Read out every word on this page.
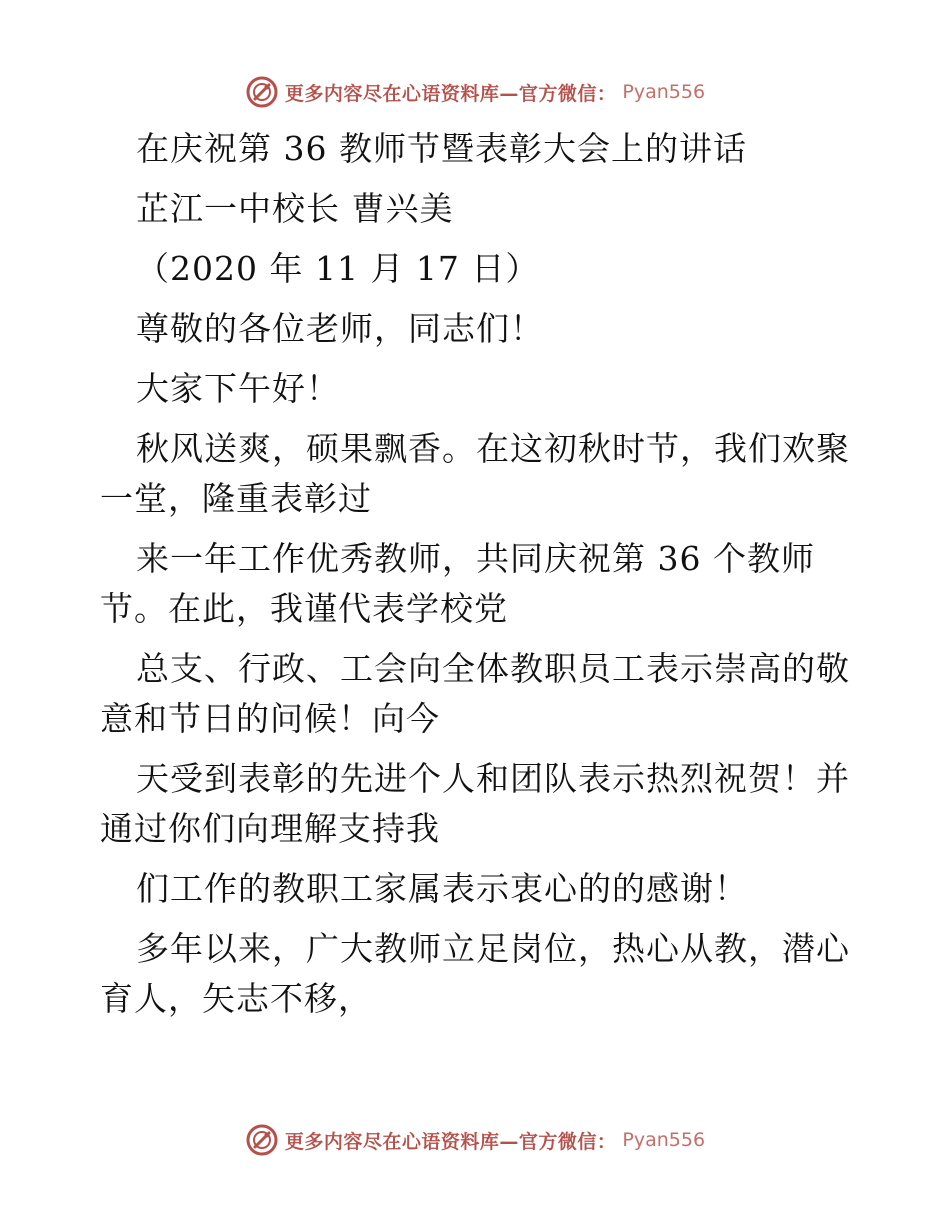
更多内容尽在心语资料库—官方微信： Pyan556
在庆祝第 36 教师节暨表彰大会上的讲话
芷江一中校长 曹兴美
（2020 年 11 月 17 日）
尊敬的各位老师，同志们！
大家下午好！
秋风送爽，硕果飘香。在这初秋时节，我们欢聚
一堂，隆重表彰过
来一年工作优秀教师，共同庆祝第 36 个教师
节。在此，我谨代表学校党
总支、行政、工会向全体教职员工表示崇高的敬
意和节日的问候！向今
天受到表彰的先进个人和团队表示热烈祝贺！并
通过你们向理解支持我
们工作的教职工家属表示衷心的的感谢！
多年以来，广大教师立足岗位，热心从教，潜心
育人，矢志不移，
更多内容尽在心语资料库—官方微信： Pyan556
